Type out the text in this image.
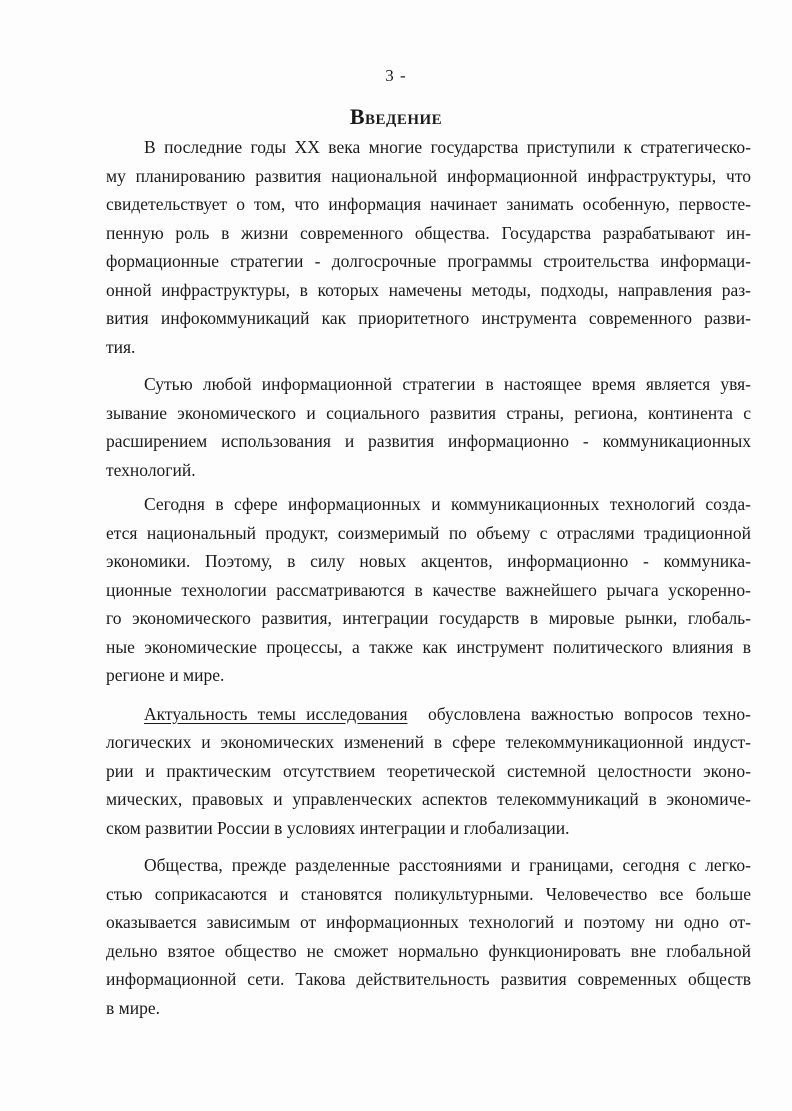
3 -
Введение

В последние годы XX века многие государства приступили к стратегическо-
му планированию развития национальной информационной инфраструктуры, что
свидетельствует о том, что информация начинает занимать особенную, первосте-
пенную роль в жизни современного общества. Государства разрабатывают ин-
формационные стратегии - долгосрочные программы строительства информаци-
онной инфраструктуры, в которых намечены методы, подходы, направления раз-
вития инфокоммуникаций как приоритетного инструмента современного разви-
тия.

Сутью любой информационной стратегии в настоящее время является увя-
зывание экономического и социального развития страны, региона, континента с
расширением использования и развития информационно - коммуникационных
технологий.

Сегодня в сфере информационных и коммуникационных технологий созда-
ется национальный продукт, соизмеримый по объему с отраслями традиционной
экономики. Поэтому, в силу новых акцентов, информационно - коммуника-
ционные технологии рассматриваются в качестве важнейшего рычага ускоренно-
го экономического развития, интеграции государств в мировые рынки, глобаль-
ные экономические процессы, а также как инструмент политического влияния в
регионе и мире.

Актуальность темы исследования обусловлена важностью вопросов техно-
логических и экономических изменений в сфере телекоммуникационной индуст-
рии и практическим отсутствием теоретической системной целостности эконо-
мических, правовых и управленческих аспектов телекоммуникаций в экономиче-
ском развитии России в условиях интеграции и глобализации.

Общества, прежде разделенные расстояниями и границами, сегодня с легко-
стью соприкасаются и становятся поликультурными. Человечество все больше
оказывается зависимым от информационных технологий и поэтому ни одно от-
дельно взятое общество не сможет нормально функционировать вне глобальной
информационной сети. Такова действительность развития современных обществ
в мире.
